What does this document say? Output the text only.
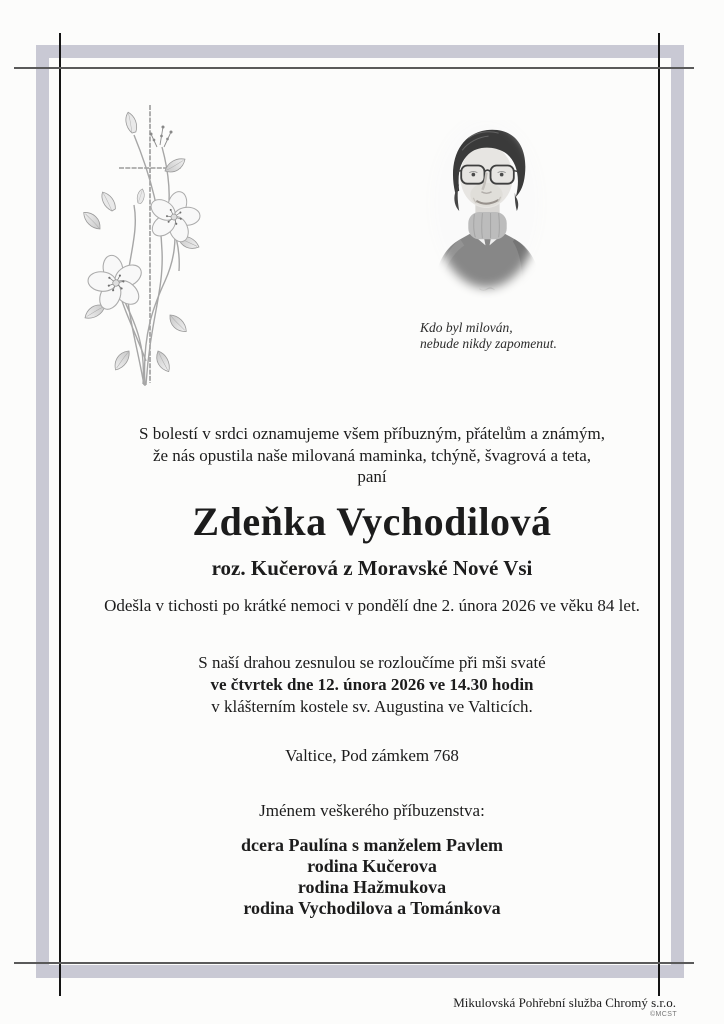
Kdo byl milován,
nebude nikdy zapomenut.
S bolestí v srdci oznamujeme všem příbuzným, přátelům a známým,
že nás opustila naše milovaná maminka, tchýně, švagrová a teta,
paní
Zdeňka Vychodilová
roz. Kučerová z Moravské Nové Vsi
Odešla v tichosti po krátké nemoci v pondělí dne 2. února 2026 ve věku 84 let.
S naší drahou zesnulou se rozloučíme při mši svaté
ve čtvrtek dne 12. února 2026 ve 14.30 hodin
v klášterním kostele sv. Augustina ve Valticích.
Valtice, Pod zámkem 768
Jménem veškerého příbuzenstva:
dcera Paulína s manželem Pavlem
rodina Kučerova
rodina Hažmukova
rodina Vychodilova a Tománkova
Mikulovská Pohřební služba Chromý s.r.o.
©MCST
